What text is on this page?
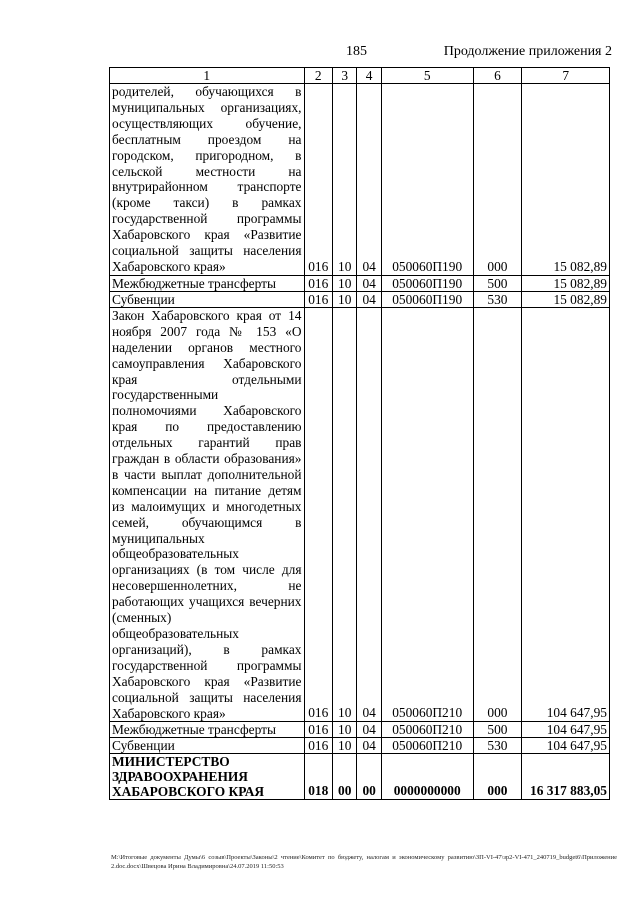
185	Продолжение приложения 2
1	2	3	4	5	6	7
родителей, обучающихся в муниципальных организациях, осуществляющих обучение, бесплатным проездом на городском, пригородном, в сельской местности на внутрирайонном транспорте (кроме такси) в рамках государственной программы Хабаровского края «Развитие социальной защиты населения Хабаровского края»	016	10	04	050060П190	000	15 082,89
Межбюджетные трансферты	016	10	04	050060П190	500	15 082,89
Субвенции	016	10	04	050060П190	530	15 082,89
Закон Хабаровского края от 14 ноября 2007 года № 153 «О наделении органов местного самоуправления Хабаровского края отдельными государственными полномочиями Хабаровского края по предоставлению отдельных гарантий прав граждан в области образования» в части выплат дополнительной компенсации на питание детям из малоимущих и многодетных семей, обучающимся в муниципальных общеобразовательных организациях (в том числе для несовершеннолетних, не работающих учащихся вечерних (сменных) общеобразовательных организаций), в рамках государственной программы Хабаровского края «Развитие социальной защиты населения Хабаровского края»	016	10	04	050060П210	000	104 647,95
Межбюджетные трансферты	016	10	04	050060П210	500	104 647,95
Субвенции	016	10	04	050060П210	530	104 647,95
МИНИСТЕРСТВО ЗДРАВООХРАНЕНИЯ ХАБАРОВСКОГО КРАЯ	018	00	00	0000000000	000	16 317 883,05
М:\Итоговые документы Думы\6 созыв\Проекты\Законы\2 чтение\Комитет по бюджету, налогам и экономическому развитию\ЗП-VI-47\зр2-VI-471_240719_budget6\Приложение 2.doc.docx\Швецова Ирина Владимировна\24.07.2019 11:50:53
